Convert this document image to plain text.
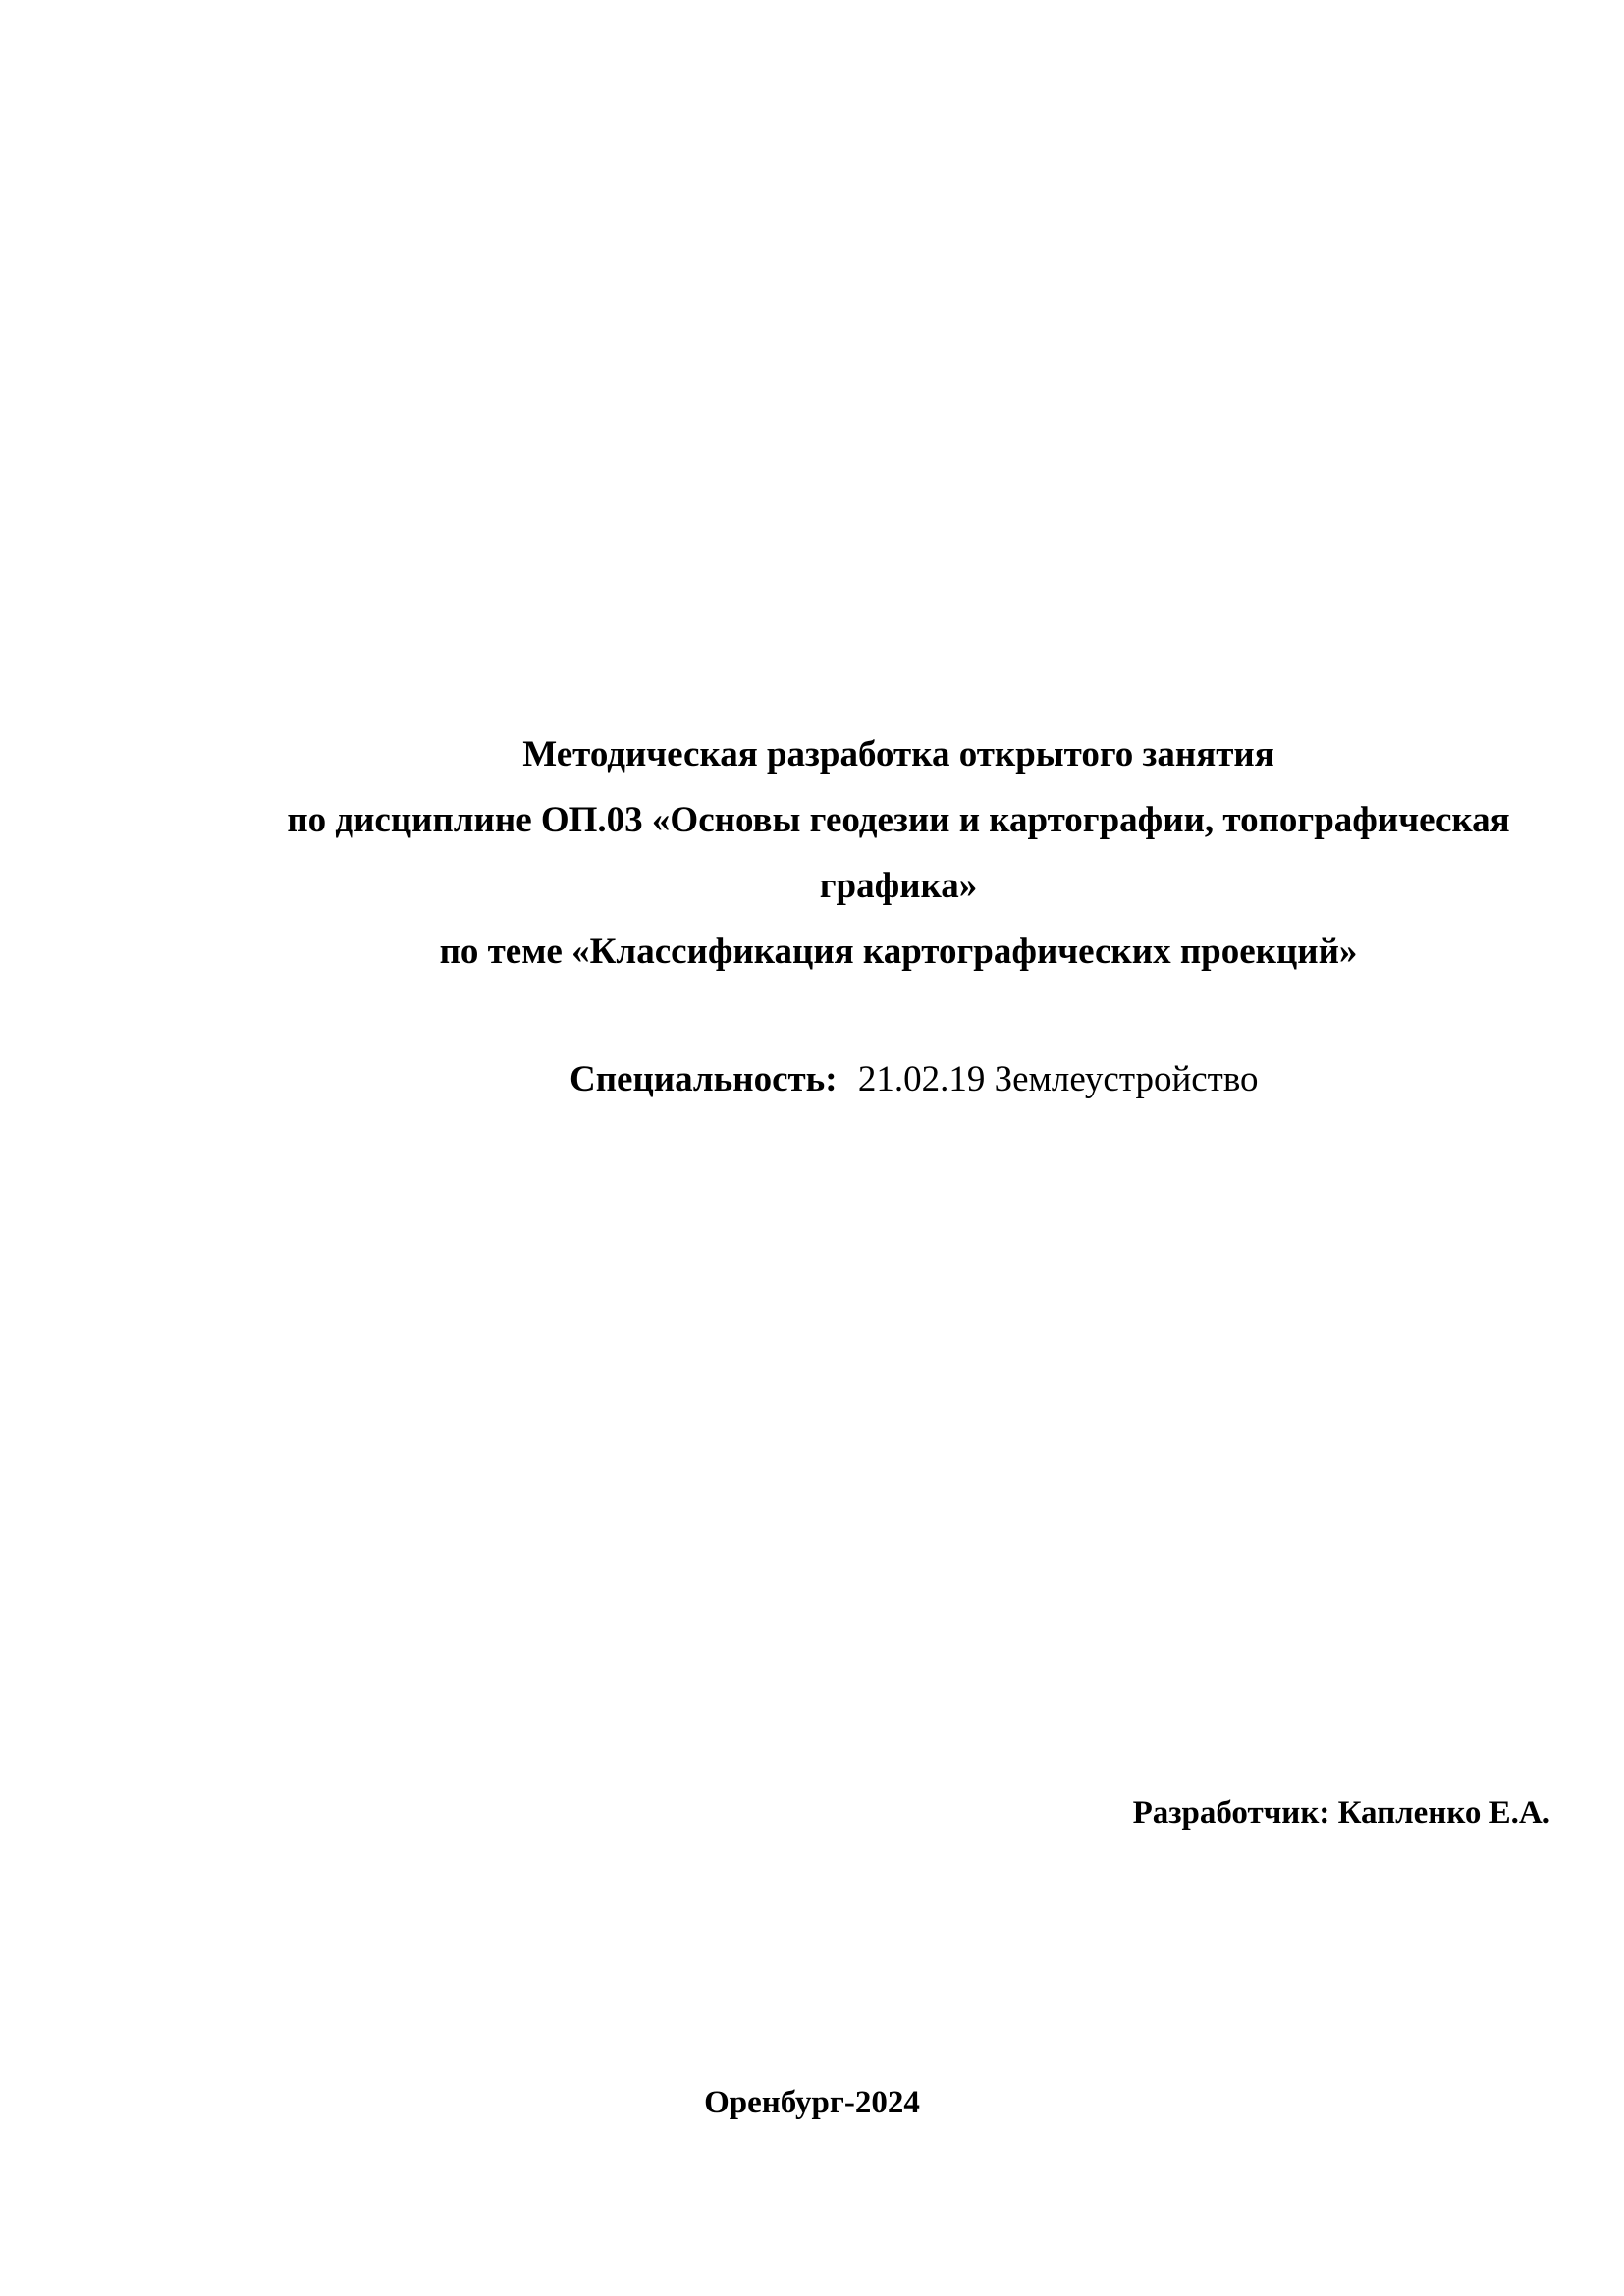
Методическая разработка открытого занятия
по дисциплине ОП.03 «Основы геодезии и картографии, топографическая
графика»
по теме «Классификация картографических проекций»
Специальность: 21.02.19 Землеустройство
Разработчик: Капленко Е.А.
Оренбург-2024
